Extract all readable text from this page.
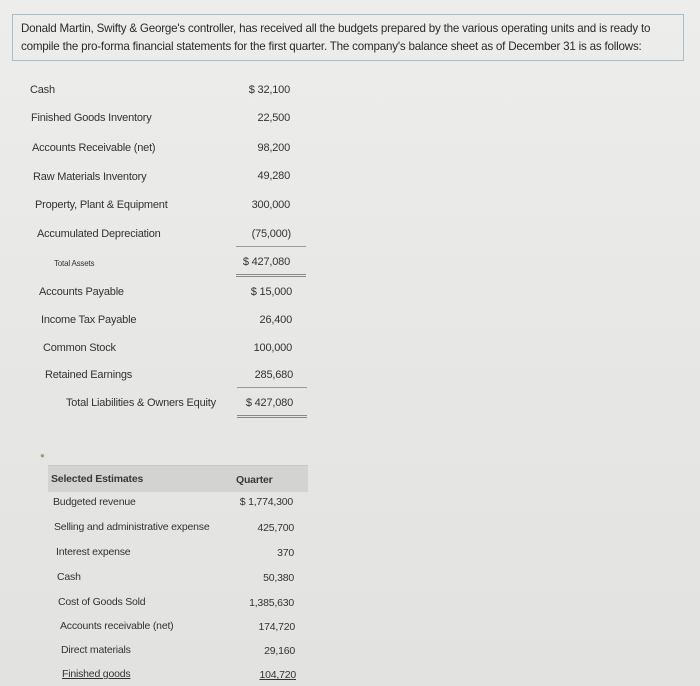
Donald Martin, Swifty & George's controller, has received all the budgets prepared by the various operating units and is ready to compile the pro-forma financial statements for the first quarter. The company's balance sheet as of December 31 is as follows:
Cash	$ 32,100
Finished Goods Inventory	22,500
Accounts Receivable (net)	98,200
Raw Materials Inventory	49,280
Property, Plant & Equipment	300,000
Accumulated Depreciation	(75,000)
Total Assets	$ 427,080
Accounts Payable	$ 15,000
Income Tax Payable	26,400
Common Stock	100,000
Retained Earnings	285,680
Total Liabilities & Owners Equity	$ 427,080
●
Selected Estimates	Quarter
Budgeted revenue	$ 1,774,300
Selling and administrative expense	425,700
Interest expense	370
Cash	50,380
Cost of Goods Sold	1,385,630
Accounts receivable (net)	174,720
Direct materials	29,160
Finished goods	104,720
